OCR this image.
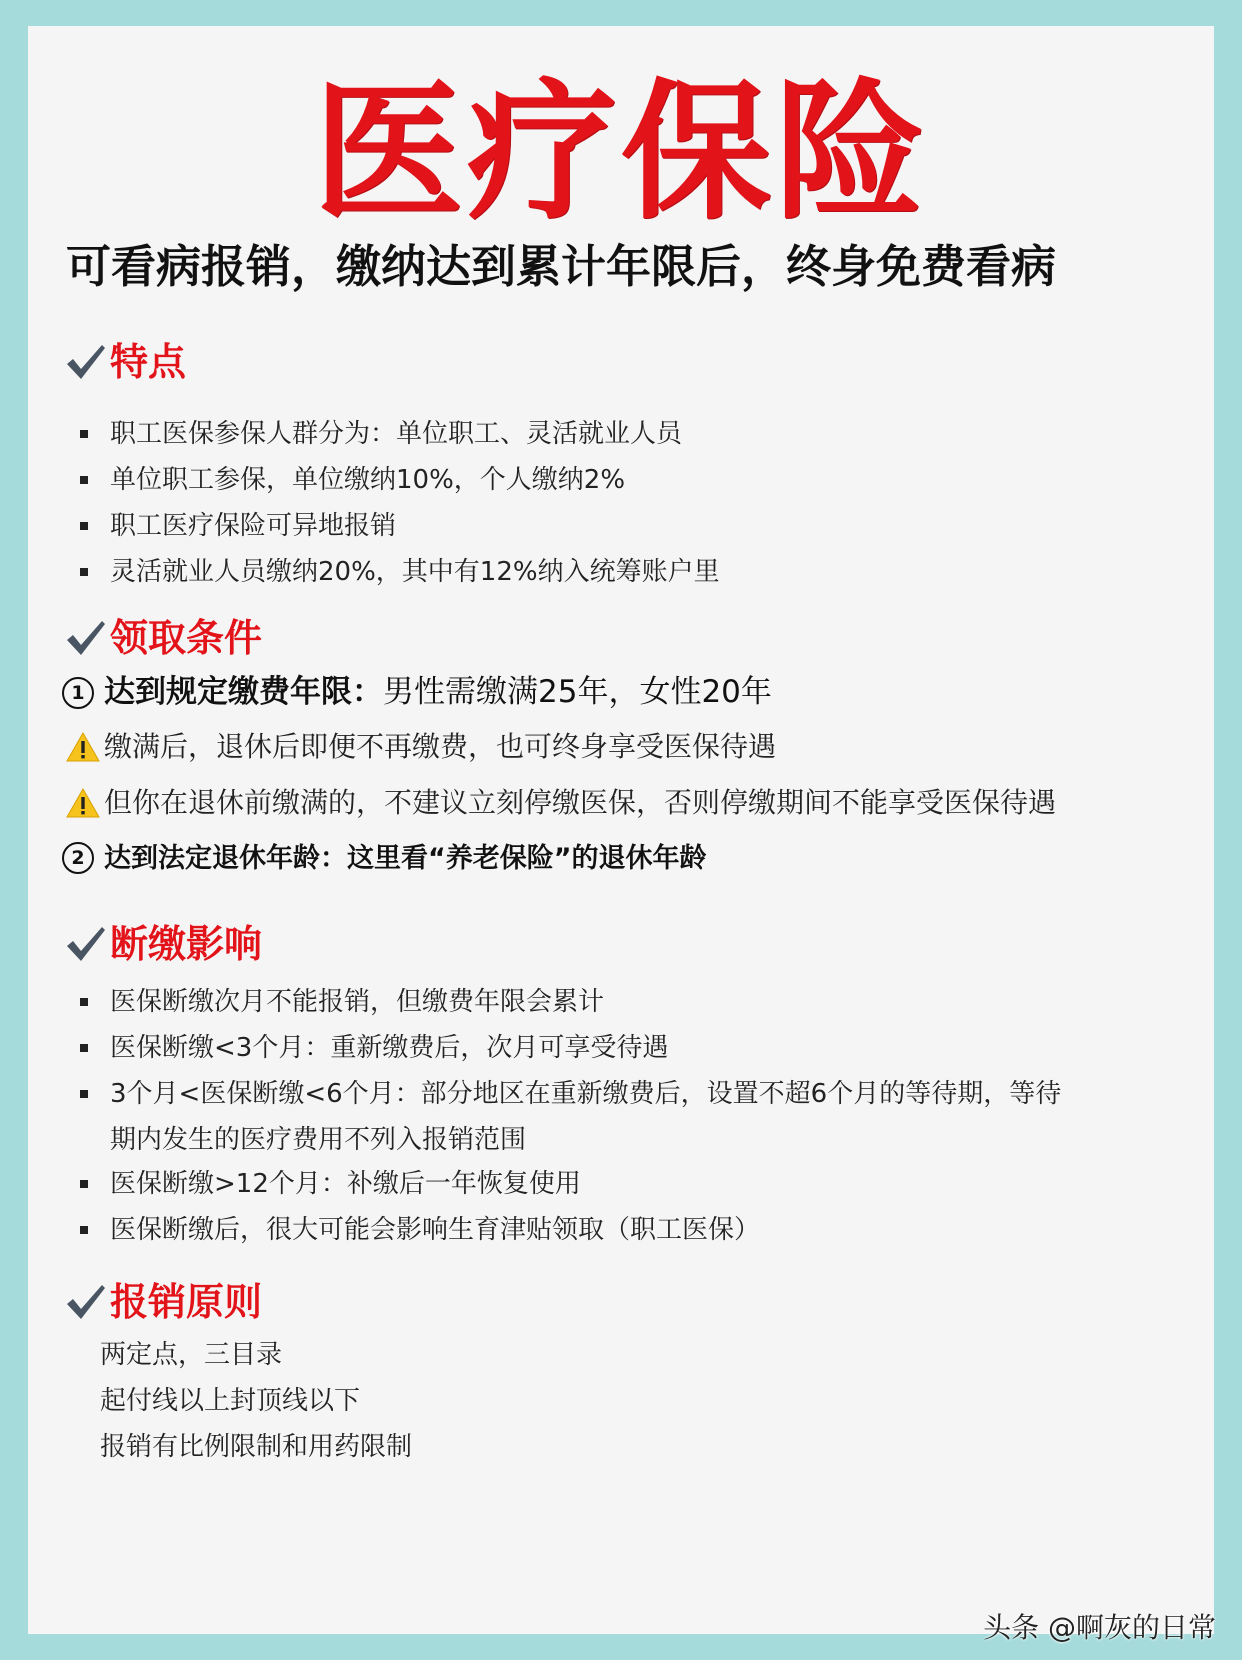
医疗保险
可看病报销，缴纳达到累计年限后，终身免费看病
特点
职工医保参保人群分为：单位职工、灵活就业人员
单位职工参保，单位缴纳10%，个人缴纳2%
职工医疗保险可异地报销
灵活就业人员缴纳20%，其中有12%纳入统筹账户里
领取条件
1 达到规定缴费年限：男性需缴满25年，女性20年
缴满后，退休后即便不再缴费，也可终身享受医保待遇
但你在退休前缴满的，不建议立刻停缴医保，否则停缴期间不能享受医保待遇
2 达到法定退休年龄：这里看“养老保险”的退休年龄
断缴影响
医保断缴次月不能报销，但缴费年限会累计
医保断缴<3个月：重新缴费后，次月可享受待遇
3个月<医保断缴<6个月：部分地区在重新缴费后，设置不超6个月的等待期，等待
期内发生的医疗费用不列入报销范围
医保断缴>12个月：补缴后一年恢复使用
医保断缴后，很大可能会影响生育津贴领取（职工医保）
报销原则
两定点，三目录
起付线以上封顶线以下
报销有比例限制和用药限制
头条 @啊灰的日常
